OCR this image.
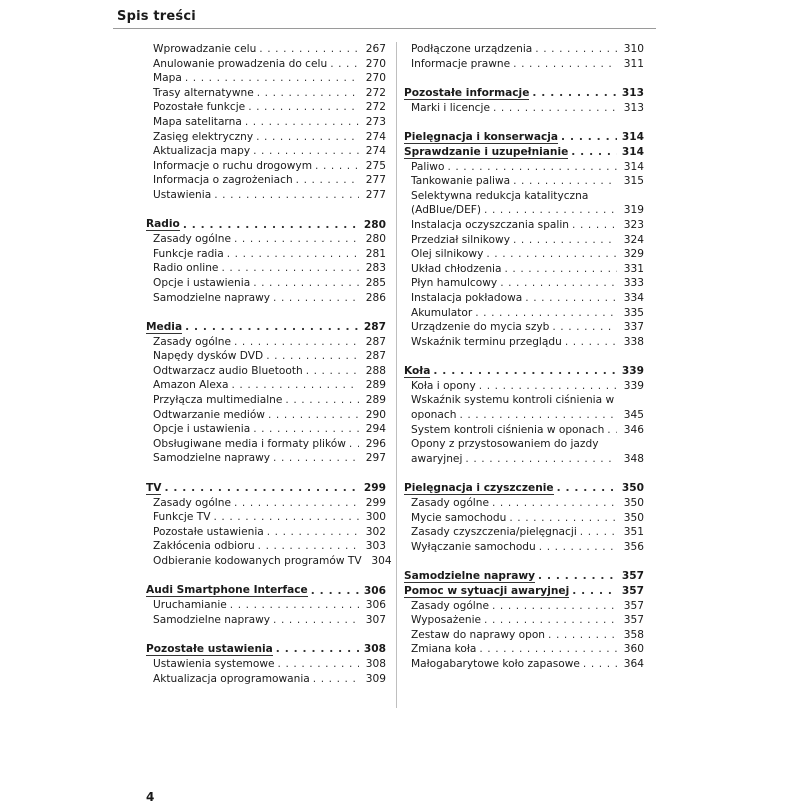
Spis treści
Wprowadzanie celu . . .	267
Anulowanie prowadzenia do celu . . .	270
Mapa . . .	270
Trasy alternatywne . . .	272
Pozostałe funkcje . . .	272
Mapa satelitarna . . .	273
Zasięg elektryczny . . .	274
Aktualizacja mapy . . .	274
Informacje o ruchu drogowym . . .	275
Informacja o zagrożeniach . . .	277
Ustawienia . . .	277
Radio . . .	280
Zasady ogólne . . .	280
Funkcje radia . . .	281
Radio online . . .	283
Opcje i ustawienia . . .	285
Samodzielne naprawy . . .	286
Media . . .	287
Zasady ogólne . . .	287
Napędy dysków DVD . . .	287
Odtwarzacz audio Bluetooth . . .	288
Amazon Alexa . . .	289
Przyłącza multimedialne . . .	289
Odtwarzanie mediów . . .	290
Opcje i ustawienia . . .	294
Obsługiwane media i formaty plików . . .	296
Samodzielne naprawy . . .	297
TV . . .	299
Zasady ogólne . . .	299
Funkcje TV . . .	300
Pozostałe ustawienia . . .	302
Zakłócenia odbioru . . .	303
Odbieranie kodowanych programów TV 304
Audi Smartphone Interface . . .	306
Uruchamianie . . .	306
Samodzielne naprawy . . .	307
Pozostałe ustawienia . . .	308
Ustawienia systemowe . . .	308
Aktualizacja oprogramowania . . .	309
Podłączone urządzenia . . .	310
Informacje prawne . . .	311
Pozostałe informacje . . .	313
Marki i licencje . . .	313
Pielęgnacja i konserwacja . . .	314
Sprawdzanie i uzupełnianie . . .	314
Paliwo . . .	314
Tankowanie paliwa . . .	315
Selektywna redukcja katalityczna
(AdBlue/DEF) . . .	319
Instalacja oczyszczania spalin . . .	323
Przedział silnikowy . . .	324
Olej silnikowy . . .	329
Układ chłodzenia . . .	331
Płyn hamulcowy . . .	333
Instalacja pokładowa . . .	334
Akumulator . . .	335
Urządzenie do mycia szyb . . .	337
Wskaźnik terminu przeglądu . . .	338
Koła . . .	339
Koła i opony . . .	339
Wskaźnik systemu kontroli ciśnienia w
oponach . . .	345
System kontroli ciśnienia w oponach . . .	346
Opony z przystosowaniem do jazdy
awaryjnej . . .	348
Pielęgnacja i czyszczenie . . .	350
Zasady ogólne . . .	350
Mycie samochodu . . .	350
Zasady czyszczenia/pielęgnacji . . .	351
Wyłączanie samochodu . . .	356
Samodzielne naprawy . . .	357
Pomoc w sytuacji awaryjnej . . .	357
Zasady ogólne . . .	357
Wyposażenie . . .	357
Zestaw do naprawy opon . . .	358
Zmiana koła . . .	360
Małogabarytowe koło zapasowe . . .	364
4
